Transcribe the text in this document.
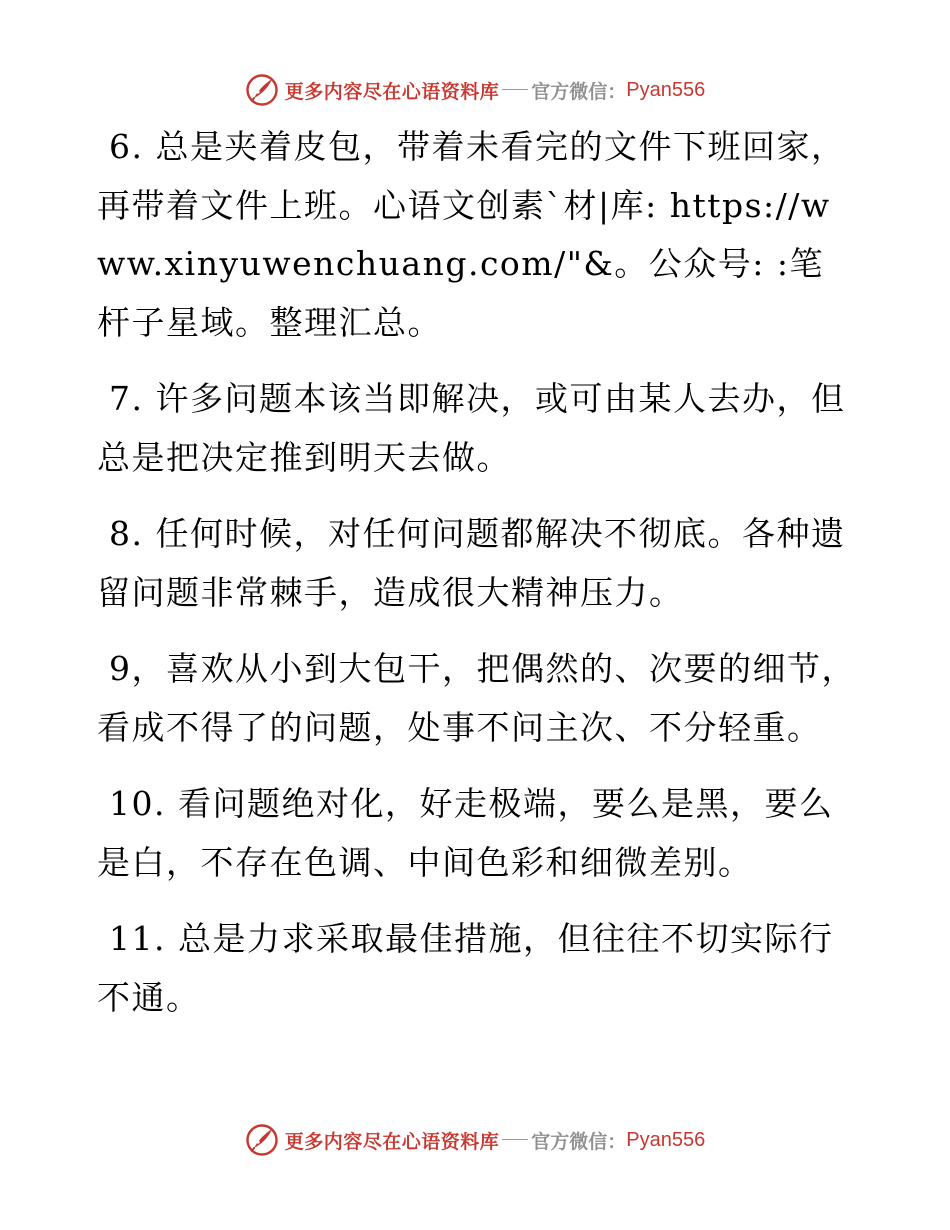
更多内容尽在心语资料库 官方微信： Pyan556

6. 总是夹着皮包，带着未看完的文件下班回家，再带着文件上班。心语文创素`材|库: https://www.xinyuwenchuang.com/"&。公众号: :笔杆子星域。整理汇总。

7. 许多问题本该当即解决，或可由某人去办，但总是把决定推到明天去做。

8. 任何时候，对任何问题都解决不彻底。各种遗留问题非常棘手，造成很大精神压力。

9，喜欢从小到大包干，把偶然的、次要的细节，看成不得了的问题，处事不问主次、不分轻重。

10. 看问题绝对化，好走极端，要么是黑，要么是白，不存在色调、中间色彩和细微差别。

11. 总是力求采取最佳措施，但往往不切实际行不通。

更多内容尽在心语资料库 官方微信： Pyan556
